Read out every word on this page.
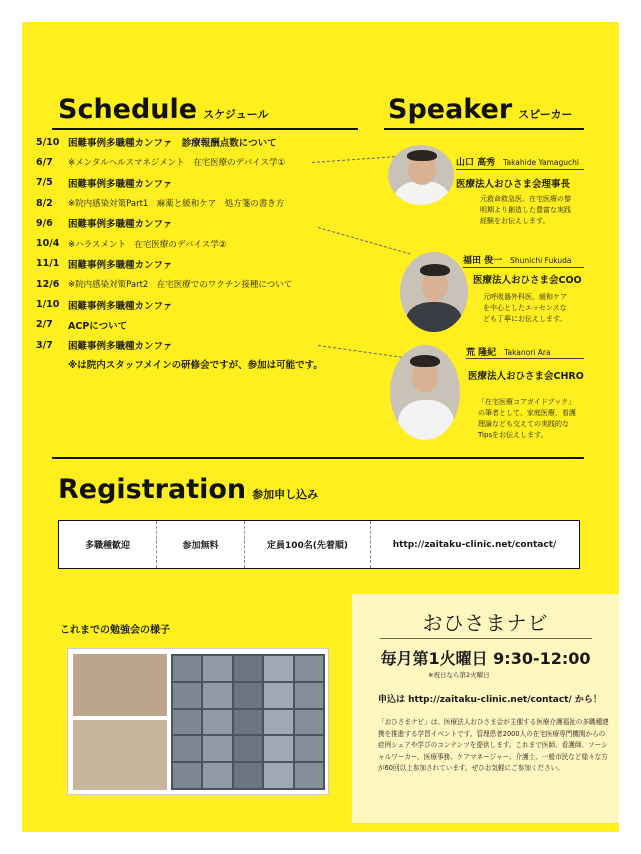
Schedule スケジュール	Speaker スピーカー
5/10 困難事例多職種カンファ　診療報酬点数について
6/7	※メンタルヘルスマネジメント　在宅医療のデバイス学①
7/5	困難事例多職種カンファ
8/2	※院内感染対策Part1　麻薬と緩和ケア　処方箋の書き方
9/6	困難事例多職種カンファ
10/4	※ハラスメント　在宅医療のデバイス学②
11/1 困難事例多職種カンファ
12/6	※院内感染対策Part2　在宅医療でのワクチン接種について
1/10 困難事例多職種カンファ
2/7	ACPについて
3/7	困難事例多職種カンファ
※は院内スタッフメインの研修会ですが、参加は可能です。
山口 高秀 Takahide Yamaguchi
医療法人おひさま会理事長
元救命救急医。在宅医療の黎
明期より創造した豊富な実践
経験をお伝えします。
福田 俊一 Shunichi Fukuda
医療法人おひさま会COO
元呼吸器外科医。緩和ケア
を中心としたエッセンスな
ども丁寧にお伝えします。
荒 隆紀 Takanori Ara
医療法人おひさま会CHRO
「在宅医療コアガイドブック」
の筆者として、家庭医療、看護
理論なども交えての実践的な
Tipsをお伝えします。
Registration 参加申し込み
多職種歓迎	参加無料	定員100名(先着順)	http://zaitaku-clinic.net/contact/
これまでの勉強会の様子	おひさまナビ
毎月第1火曜日 9:30-12:00
※祝日なら第2火曜日
申込は http://zaitaku-clinic.net/contact/ から！
「おひさまナビ」は、医療法人おひさま会が主催する医療介護福祉の多職種連携を推進する学習イベントです。管理患者2000人の在宅医療専門機関からの症例シェアや学びのコンテンツを提供します。これまで医師、看護師、ソーシャルワーカー、医療事務、ケアマネージャー、介護士、一般市民など様々な方が60回以上参加されています。ぜひお気軽にご参加ください。
